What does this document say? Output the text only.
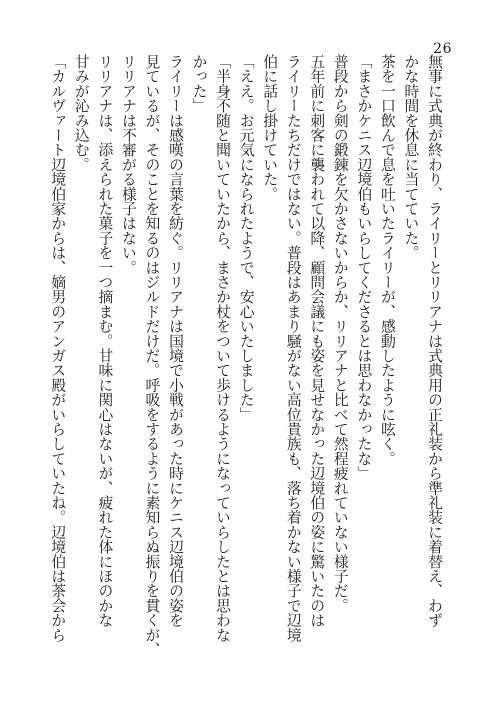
26
無事に式典が終わり、ライリーとリリアナは式典用の正礼装から準礼装に着替え、わず
かな時間を休息に当てていた。
茶を一口飲んで息を吐いたライリーが、感動したように呟く。
「まさかケニス辺境伯もいらしてくださるとは思わなかったな」
普段から剣の鍛錬を欠かさないからか、リリアナと比べて然程疲れていない様子だ。
五年前に刺客に襲われて以降、顧問会議にも姿を見せなかった辺境伯の姿に驚いたのは
ライリーたちだけではない。普段はあまり騒がない高位貴族も、落ち着かない様子で辺境
伯に話し掛けていた。
「ええ。お元気になられたようで、安心いたしました」
「半身不随と聞いていたから、まさか杖をついて歩けるようになっていらしたとは思わな
かった」
ライリーは感嘆の言葉を紡ぐ。リリアナは国境で小戦があった時にケニス辺境伯の姿を
見ているが、そのことを知るのはジルドだけだ。呼吸をするように素知らぬ振りを貫くが、
リリアナは不審がる様子はない。
リリアナは、添えられた菓子を一つ摘まむ。甘味に関心はないが、疲れた体にほのかな
甘みが沁み込む。
「カルヴァート辺境伯家からは、嫡男のアンガス殿がいらしていたね。辺境伯は茶会から
